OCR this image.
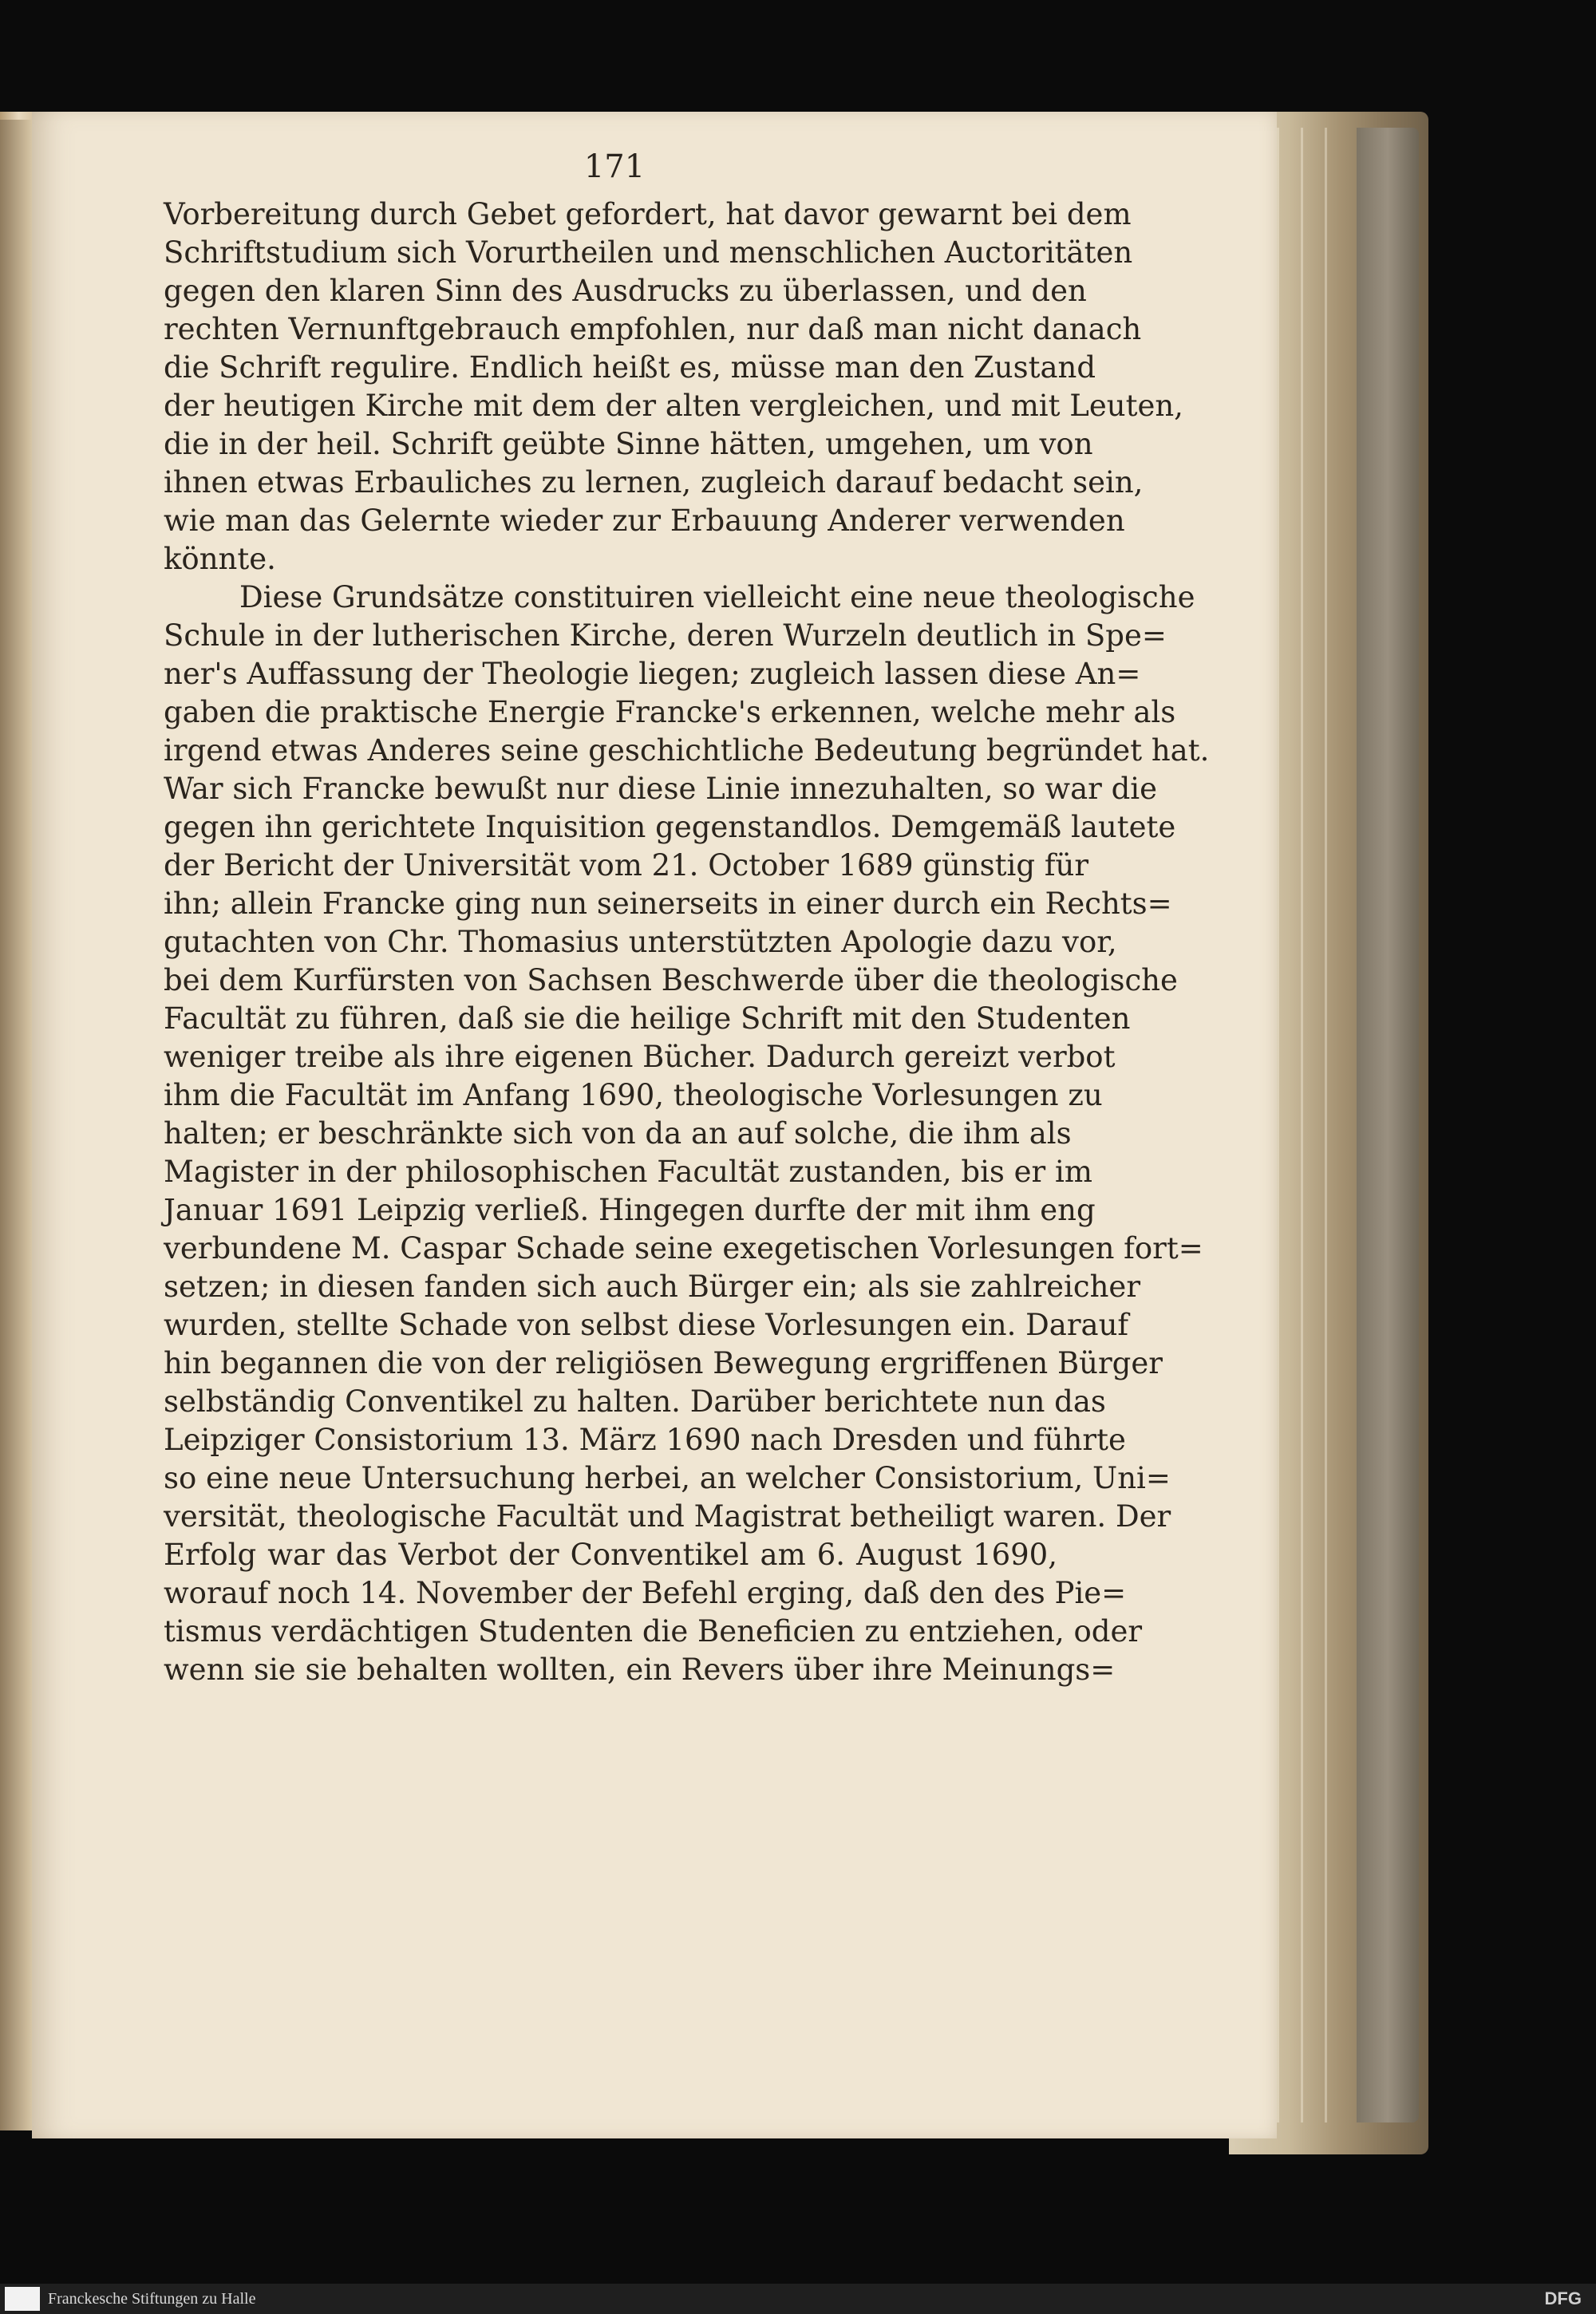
171
Vorbereitung durch Gebet gefordert, hat davor gewarnt bei dem
Schriftstudium sich Vorurtheilen und menschlichen Auctoritäten
gegen den klaren Sinn des Ausdrucks zu überlassen, und den
rechten Vernunftgebrauch empfohlen, nur daß man nicht danach
die Schrift regulire. Endlich heißt es, müsse man den Zustand
der heutigen Kirche mit dem der alten vergleichen, und mit Leuten,
die in der heil. Schrift geübte Sinne hätten, umgehen, um von
ihnen etwas Erbauliches zu lernen, zugleich darauf bedacht sein,
wie man das Gelernte wieder zur Erbauung Anderer verwenden
könnte.
Diese Grundsätze constituiren vielleicht eine neue theologische
Schule in der lutherischen Kirche, deren Wurzeln deutlich in Spe=
ner's Auffassung der Theologie liegen; zugleich lassen diese An=
gaben die praktische Energie Francke's erkennen, welche mehr als
irgend etwas Anderes seine geschichtliche Bedeutung begründet hat.
War sich Francke bewußt nur diese Linie innezuhalten, so war die
gegen ihn gerichtete Inquisition gegenstandlos. Demgemäß lautete
der Bericht der Universität vom 21. October 1689 günstig für
ihn; allein Francke ging nun seinerseits in einer durch ein Rechts=
gutachten von Chr. Thomasius unterstützten Apologie dazu vor,
bei dem Kurfürsten von Sachsen Beschwerde über die theologische
Facultät zu führen, daß sie die heilige Schrift mit den Studenten
weniger treibe als ihre eigenen Bücher. Dadurch gereizt verbot
ihm die Facultät im Anfang 1690, theologische Vorlesungen zu
halten; er beschränkte sich von da an auf solche, die ihm als
Magister in der philosophischen Facultät zustanden, bis er im
Januar 1691 Leipzig verließ. Hingegen durfte der mit ihm eng
verbundene M. Caspar Schade seine exegetischen Vorlesungen fort=
setzen; in diesen fanden sich auch Bürger ein; als sie zahlreicher
wurden, stellte Schade von selbst diese Vorlesungen ein. Darauf
hin begannen die von der religiösen Bewegung ergriffenen Bürger
selbständig Conventikel zu halten. Darüber berichtete nun das
Leipziger Consistorium 13. März 1690 nach Dresden und führte
so eine neue Untersuchung herbei, an welcher Consistorium, Uni=
versität, theologische Facultät und Magistrat betheiligt waren. Der
Erfolg war das Verbot der Conventikel am 6. August 1690,
worauf noch 14. November der Befehl erging, daß den des Pie=
tismus verdächtigen Studenten die Beneficien zu entziehen, oder
wenn sie sie behalten wollten, ein Revers über ihre Meinungs=
Franckesche Stiftungen zu Halle	DFG
